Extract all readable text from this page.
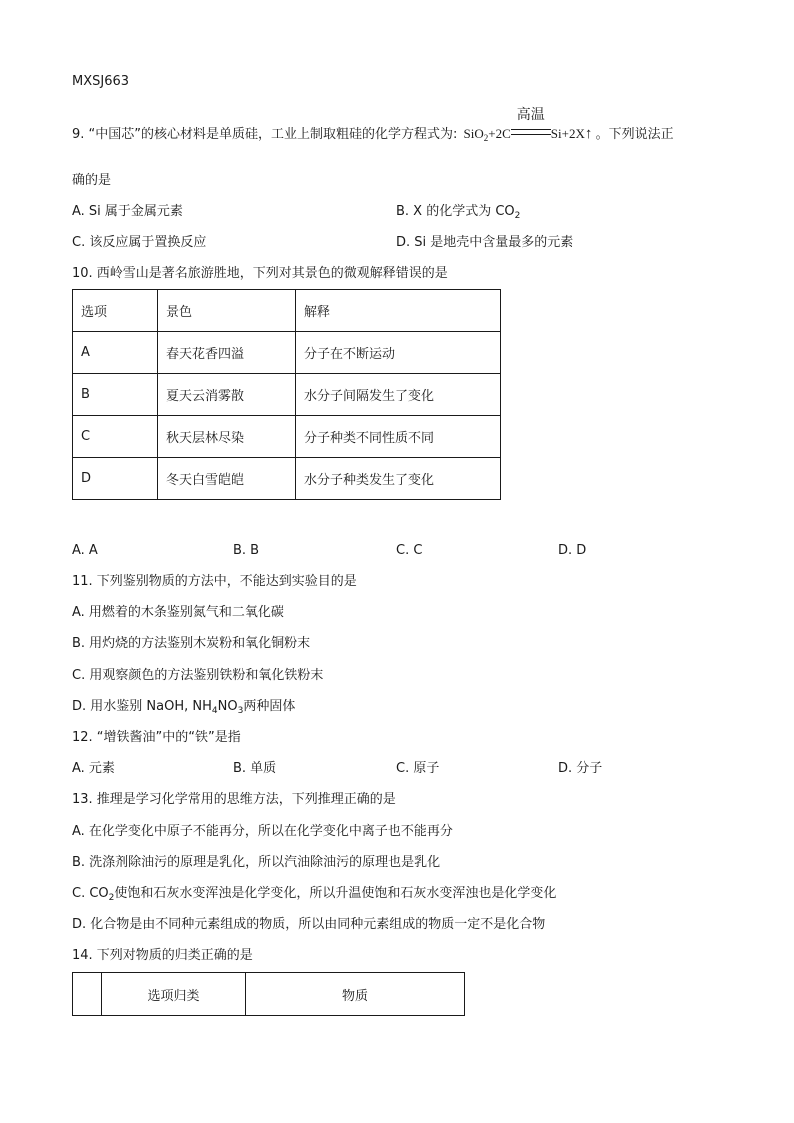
MXSJ663
9. “中国芯”的核心材料是单质硅，工业上制取粗硅的化学方程式为: SiO$_2$+2C
高温
Si+2X↑ 。下列说法正
确的是
A. Si 属于金属元素	B. X 的化学式为 $CO_2$
C. 该反应属于置换反应	D. Si 是地壳中含量最多的元素
10. 西岭雪山是著名旅游胜地，下列对其景色的微观解释错误的是
选项	景色	解释
A	春天花香四溢	分子在不断运动
B	夏天云消雾散	水分子间隔发生了变化
C	秋天层林尽染	分子种类不同性质不同
D	冬天白雪皑皑	水分子种类发生了变化
A. A	B. B	C. C	D. D
11. 下列鉴别物质的方法中，不能达到实验目的是
A. 用燃着的木条鉴别氮气和二氧化碳
B. 用灼烧的方法鉴别木炭粉和氧化铜粉末
C. 用观察颜色的方法鉴别铁粉和氧化铁粉末
D. 用水鉴别 NaOH, $NH_4NO_3$两种固体
12. “增铁酱油”中的“铁”是指
A. 元素	B. 单质	C. 原子	D. 分子
13. 推理是学习化学常用的思维方法，下列推理正确的是
A. 在化学变化中原子不能再分，所以在化学变化中离子也不能再分
B. 洗涤剂除油污的原理是乳化，所以汽油除油污的原理也是乳化
C. $CO_2$使饱和石灰水变浑浊是化学变化，所以升温使饱和石灰水变浑浊也是化学变化
D. 化合物是由不同种元素组成的物质，所以由同种元素组成的物质一定不是化合物
14. 下列对物质的归类正确的是
	选项归类	物质
